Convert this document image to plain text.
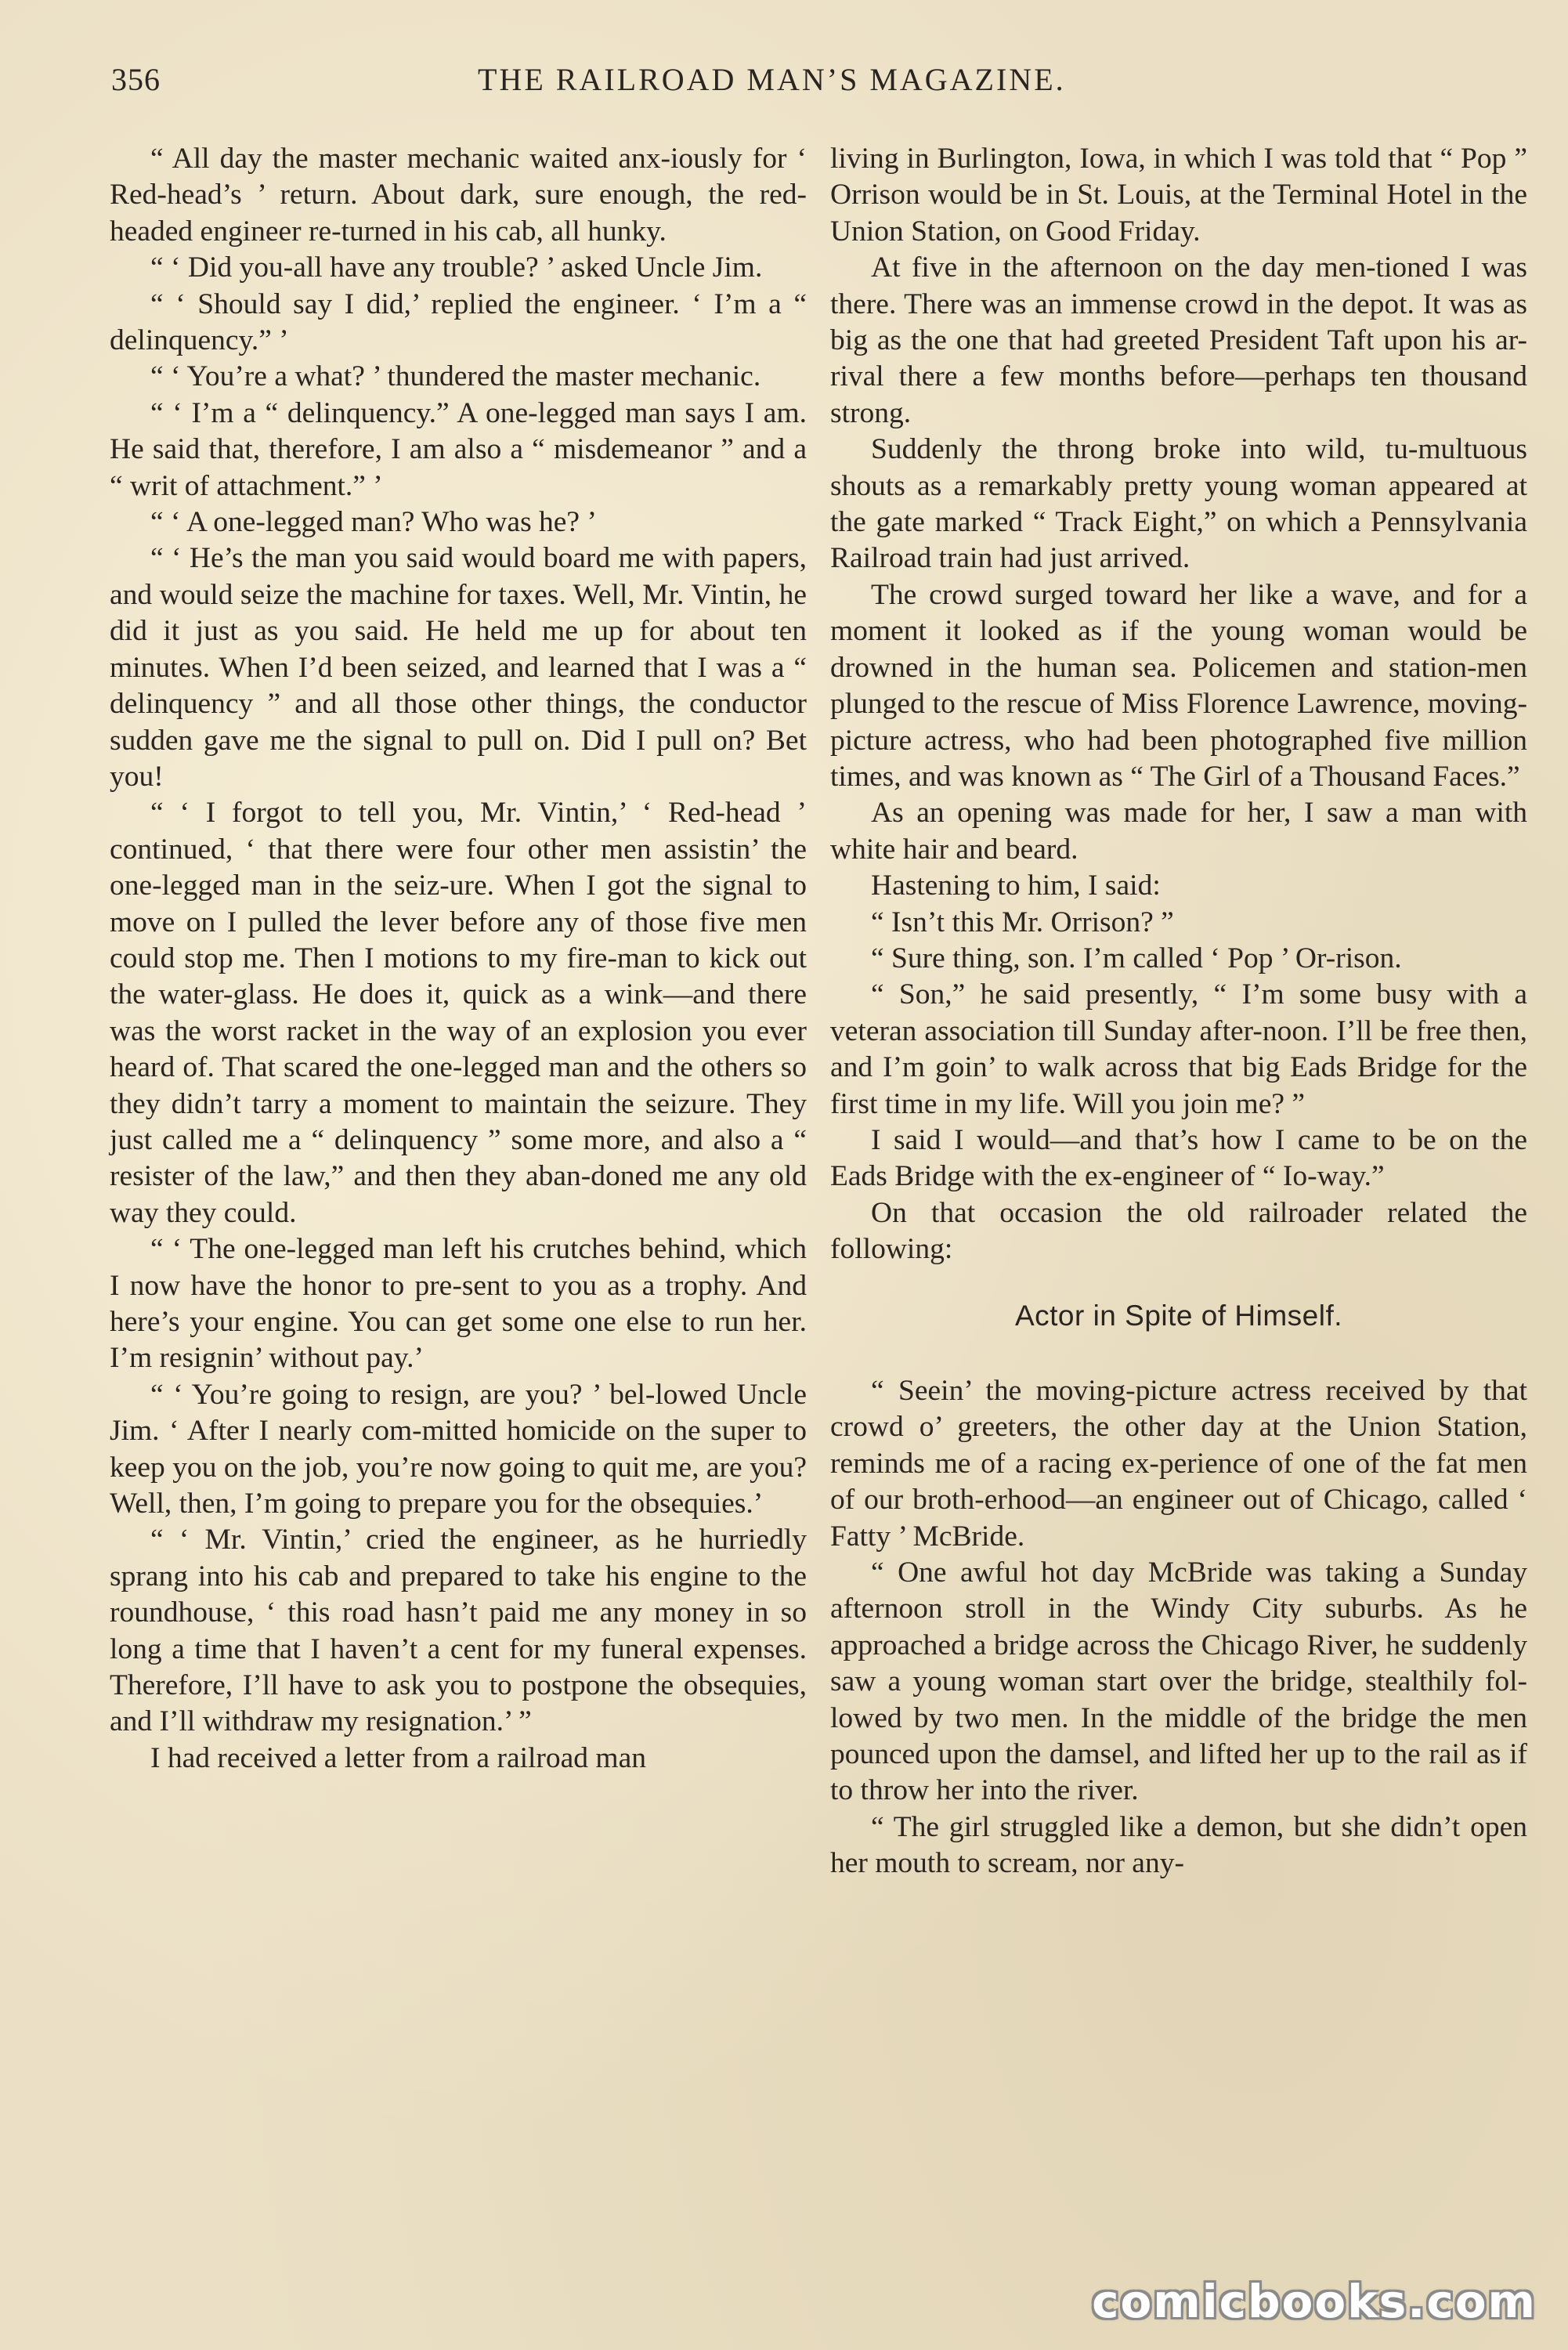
356	THE RAILROAD MAN’S MAGAZINE.

“ All day the master mechanic waited anx-iously for ‘ Red-head’s ’ return. About dark, sure enough, the red-headed engineer re-turned in his cab, all hunky.

“ ‘ Did you-all have any trouble? ’ asked Uncle Jim.

“ ‘ Should say I did,’ replied the engineer. ‘ I’m a “ delinquency.” ’

“ ‘ You’re a what? ’ thundered the master mechanic.

“ ‘ I’m a “ delinquency.” A one-legged man says I am. He said that, therefore, I am also a “ misdemeanor ” and a “ writ of attachment.” ’

“ ‘ A one-legged man? Who was he? ’

“ ‘ He’s the man you said would board me with papers, and would seize the machine for taxes. Well, Mr. Vintin, he did it just as you said. He held me up for about ten minutes. When I’d been seized, and learned that I was a “ delinquency ” and all those other things, the conductor sudden gave me the signal to pull on. Did I pull on? Bet you!

“ ‘ I forgot to tell you, Mr. Vintin,’ ‘ Red-head ’ continued, ‘ that there were four other men assistin’ the one-legged man in the seiz-ure. When I got the signal to move on I pulled the lever before any of those five men could stop me. Then I motions to my fire-man to kick out the water-glass. He does it, quick as a wink—and there was the worst racket in the way of an explosion you ever heard of. That scared the one-legged man and the others so they didn’t tarry a moment to maintain the seizure. They just called me a “ delinquency ” some more, and also a “ resister of the law,” and then they aban-doned me any old way they could.

“ ‘ The one-legged man left his crutches behind, which I now have the honor to pre-sent to you as a trophy. And here’s your engine. You can get some one else to run her. I’m resignin’ without pay.’

“ ‘ You’re going to resign, are you? ’ bel-lowed Uncle Jim. ‘ After I nearly com-mitted homicide on the super to keep you on the job, you’re now going to quit me, are you? Well, then, I’m going to prepare you for the obsequies.’

“ ‘ Mr. Vintin,’ cried the engineer, as he hurriedly sprang into his cab and prepared to take his engine to the roundhouse, ‘ this road hasn’t paid me any money in so long a time that I haven’t a cent for my funeral expenses. Therefore, I’ll have to ask you to postpone the obsequies, and I’ll withdraw my resignation.’ ”

I had received a letter from a railroad man

living in Burlington, Iowa, in which I was told that “ Pop ” Orrison would be in St. Louis, at the Terminal Hotel in the Union Station, on Good Friday.

At five in the afternoon on the day men-tioned I was there. There was an immense crowd in the depot. It was as big as the one that had greeted President Taft upon his ar-rival there a few months before—perhaps ten thousand strong.

Suddenly the throng broke into wild, tu-multuous shouts as a remarkably pretty young woman appeared at the gate marked “ Track Eight,” on which a Pennsylvania Railroad train had just arrived.

The crowd surged toward her like a wave, and for a moment it looked as if the young woman would be drowned in the human sea. Policemen and station-men plunged to the rescue of Miss Florence Lawrence, moving-picture actress, who had been photographed five million times, and was known as “ The Girl of a Thousand Faces.”

As an opening was made for her, I saw a man with white hair and beard.

Hastening to him, I said:

“ Isn’t this Mr. Orrison? ”

“ Sure thing, son. I’m called ‘ Pop ’ Or-rison.

“ Son,” he said presently, “ I’m some busy with a veteran association till Sunday after-noon. I’ll be free then, and I’m goin’ to walk across that big Eads Bridge for the first time in my life. Will you join me? ”

I said I would—and that’s how I came to be on the Eads Bridge with the ex-engineer of “ Io-way.”

On that occasion the old railroader related the following:

Actor in Spite of Himself.

“ Seein’ the moving-picture actress received by that crowd o’ greeters, the other day at the Union Station, reminds me of a racing ex-perience of one of the fat men of our broth-erhood—an engineer out of Chicago, called ‘ Fatty ’ McBride.

“ One awful hot day McBride was taking a Sunday afternoon stroll in the Windy City suburbs. As he approached a bridge across the Chicago River, he suddenly saw a young woman start over the bridge, stealthily fol-lowed by two men. In the middle of the bridge the men pounced upon the damsel, and lifted her up to the rail as if to throw her into the river.

“ The girl struggled like a demon, but she didn’t open her mouth to scream, nor any-

comicbooks.com
